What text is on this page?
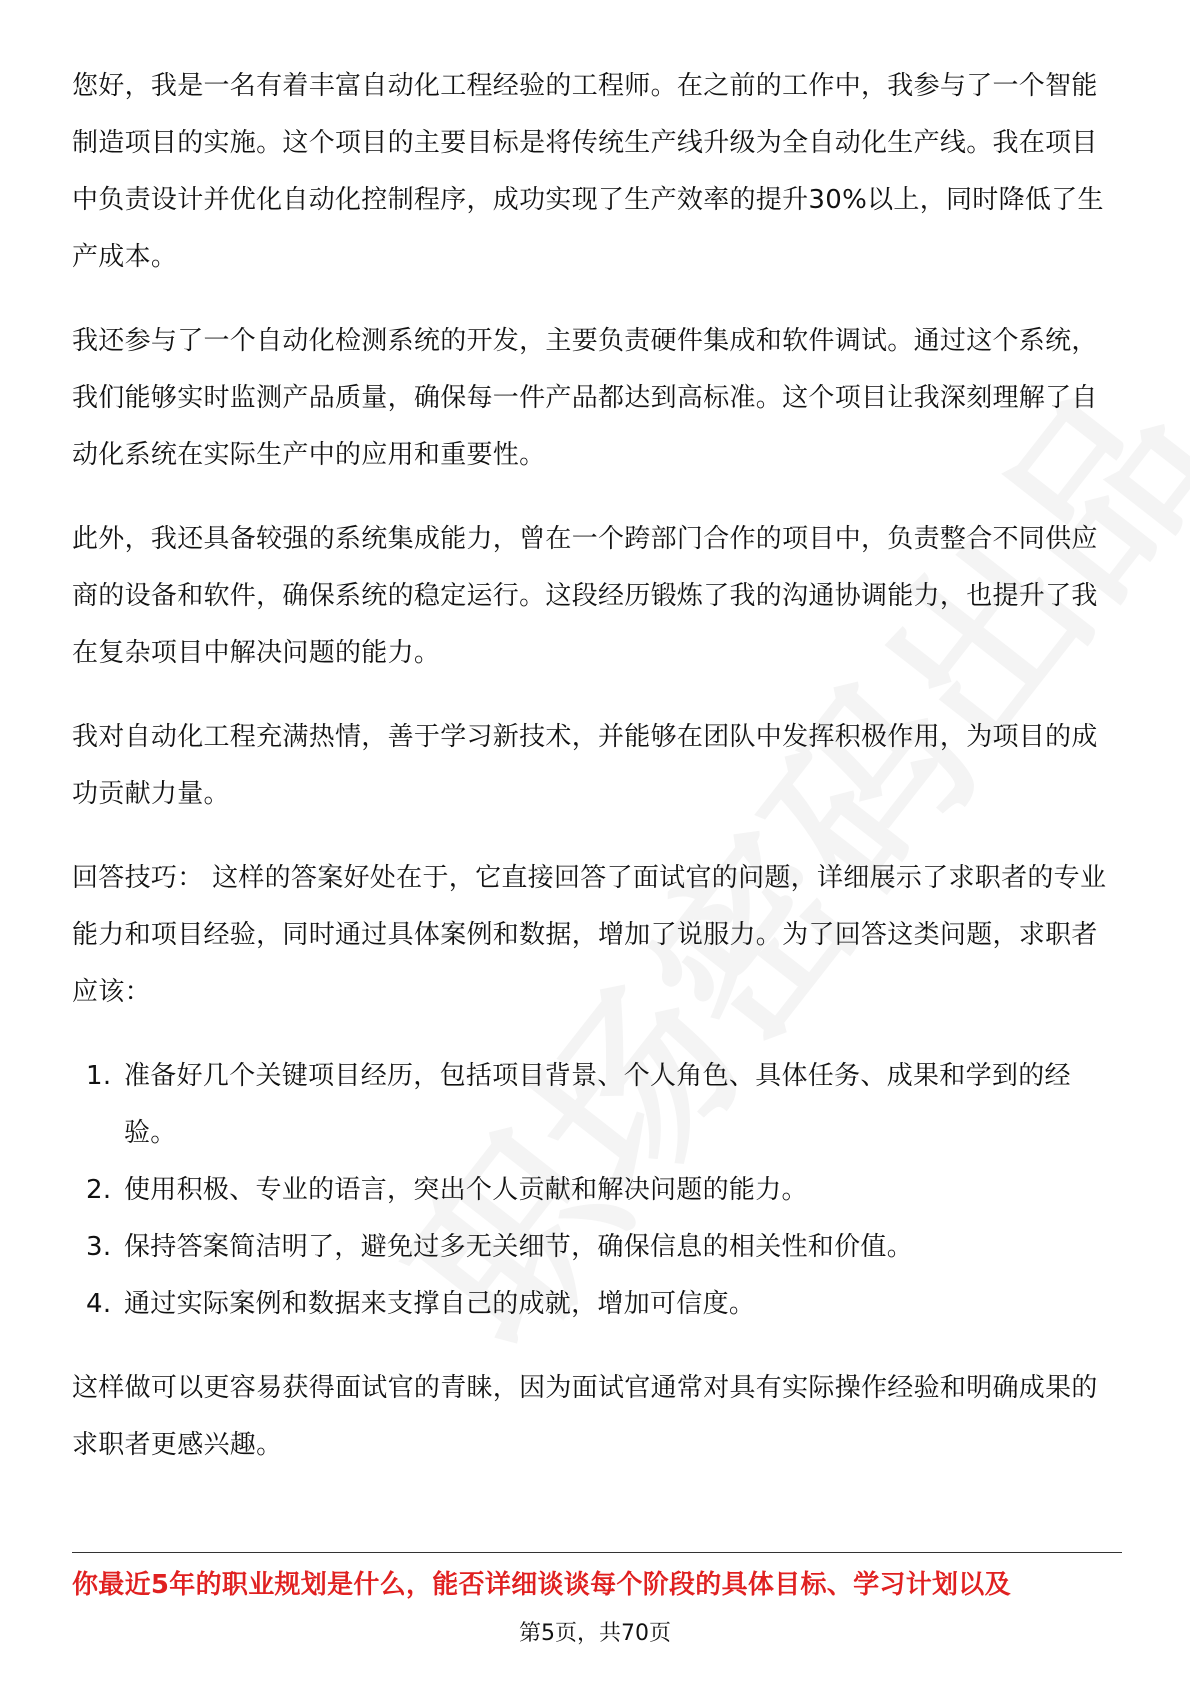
您好，我是一名有着丰富自动化工程经验的工程师。在之前的工作中，我参与了一个智能制造项目的实施。这个项目的主要目标是将传统生产线升级为全自动化生产线。我在项目中负责设计并优化自动化控制程序，成功实现了生产效率的提升30%以上，同时降低了生产成本。

我还参与了一个自动化检测系统的开发，主要负责硬件集成和软件调试。通过这个系统，我们能够实时监测产品质量，确保每一件产品都达到高标准。这个项目让我深刻理解了自动化系统在实际生产中的应用和重要性。

此外，我还具备较强的系统集成能力，曾在一个跨部门合作的项目中，负责整合不同供应商的设备和软件，确保系统的稳定运行。这段经历锻炼了我的沟通协调能力，也提升了我在复杂项目中解决问题的能力。

我对自动化工程充满热情，善于学习新技术，并能够在团队中发挥积极作用，为项目的成功贡献力量。

回答技巧： 这样的答案好处在于，它直接回答了面试官的问题，详细展示了求职者的专业能力和项目经验，同时通过具体案例和数据，增加了说服力。为了回答这类问题，求职者应该：

1. 准备好几个关键项目经历，包括项目背景、个人角色、具体任务、成果和学到的经验。
2. 使用积极、专业的语言，突出个人贡献和解决问题的能力。
3. 保持答案简洁明了，避免过多无关细节，确保信息的相关性和价值。
4. 通过实际案例和数据来支撑自己的成就，增加可信度。

这样做可以更容易获得面试官的青睐，因为面试官通常对具有实际操作经验和明确成果的求职者更感兴趣。

你最近5年的职业规划是什么，能否详细谈谈每个阶段的具体目标、学习计划以及
第5页，共70页
